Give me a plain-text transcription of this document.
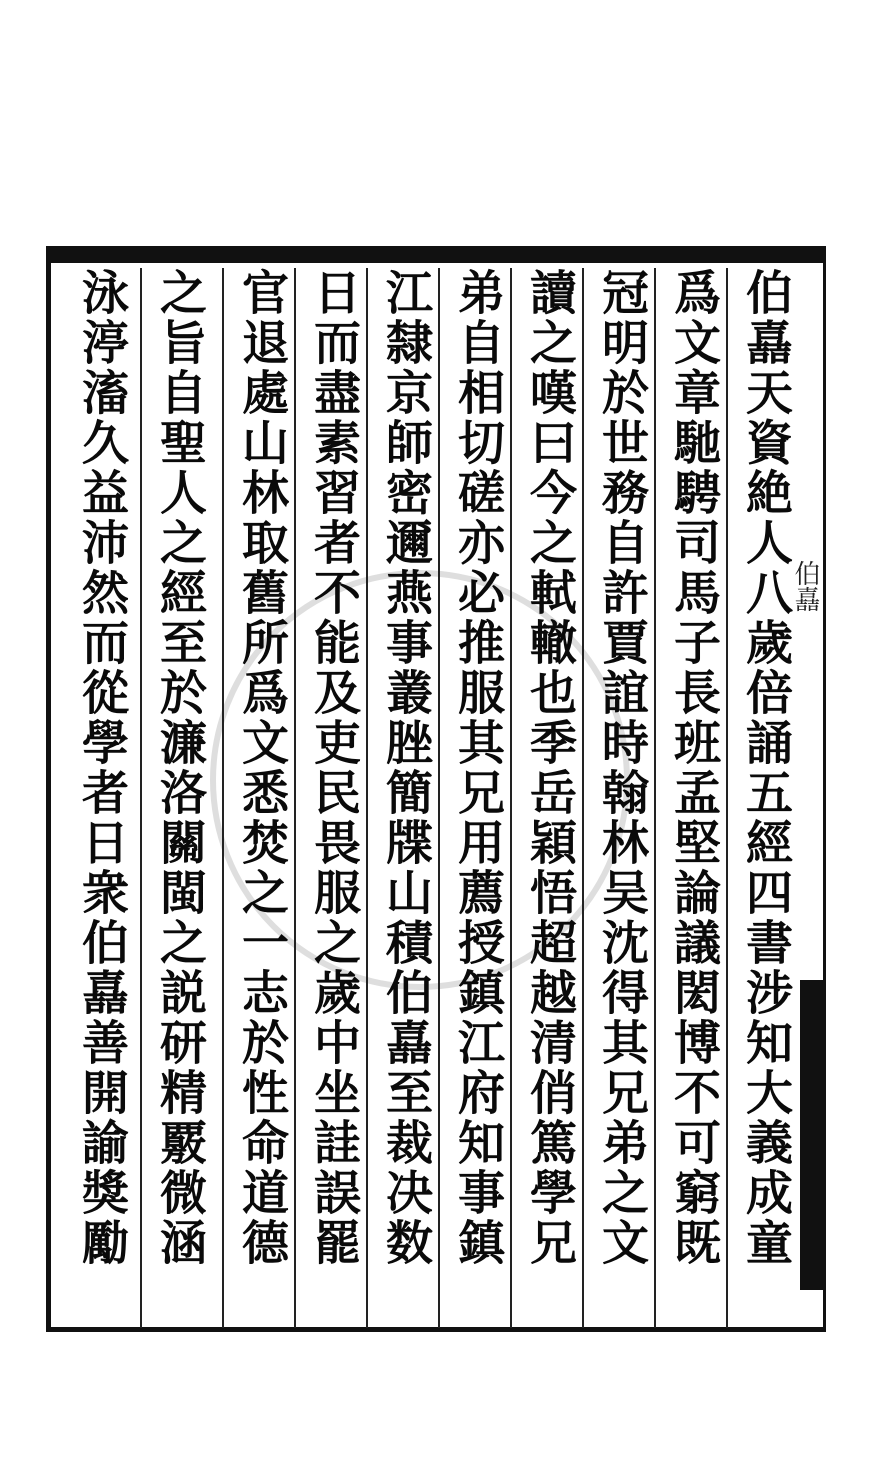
伯嚞天資絶人八歲倍誦五經四書涉知大義成童
爲文章馳騁司馬子長班孟堅論議閎博不可窮既
冠明於世務自許賈誼時翰林吴沈得其兄弟之文
讀之嘆曰今之軾轍也季岳穎悟超越清俏篤學兄
弟自相切磋亦必推服其兄用薦授鎮江府知事鎮
江隸京師密邇燕事叢脞簡牒山積伯嚞至裁决数
日而盡素習者不能及吏民畏服之歲中坐詿誤罷
官退處山林取舊所爲文悉焚之一志於性命道德
之旨自聖人之經至於濂洛關閩之説研精覈微涵
泳渟滀久益沛然而從學者日衆伯嚞善開諭獎勵	伯嚞
